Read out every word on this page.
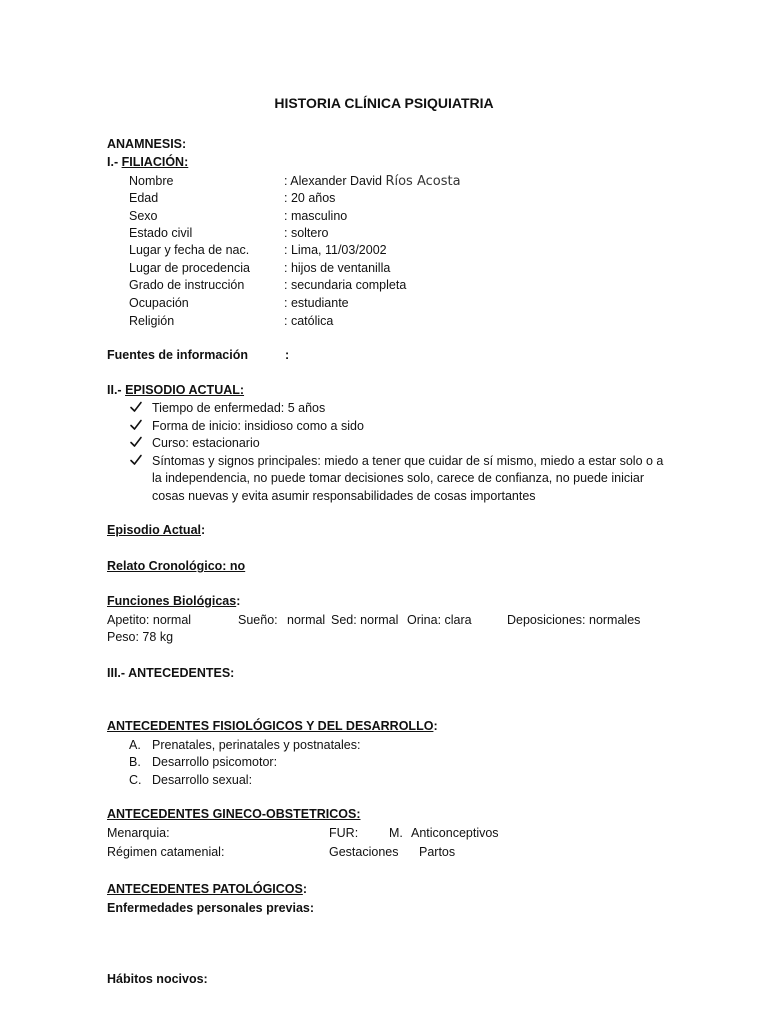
HISTORIA CLÍNICA PSIQUIATRIA
ANAMNESIS:
I.- FILIACIÓN:
Nombre	: Alexander David Ríos Acosta
Edad	: 20 años
Sexo	: masculino
Estado civil	: soltero
Lugar y fecha de nac.	: Lima, 11/03/2002
Lugar de procedencia	: hijos de ventanilla
Grado de instrucción	: secundaria completa
Ocupación	: estudiante
Religión	: católica
Fuentes de información	:
II.- EPISODIO ACTUAL:
Tiempo de enfermedad: 5 años
Forma de inicio: insidioso como a sido
Curso: estacionario
Síntomas y signos principales: miedo a tener que cuidar de sí mismo, miedo a estar solo o a
la independencia, no puede tomar decisiones solo, carece de confianza, no puede iniciar
cosas nuevas y evita asumir responsabilidades de cosas importantes
Episodio Actual:
Relato Cronológico: no
Funciones Biológicas:
Apetito: normal	Sueño: normal Sed: normal Orina: clara	Deposiciones: normales
Peso: 78 kg
III.- ANTECEDENTES:
ANTECEDENTES FISIOLÓGICOS Y DEL DESARROLLO:
A. Prenatales, perinatales y postnatales:
B. Desarrollo psicomotor:
C. Desarrollo sexual:
ANTECEDENTES GINECO-OBSTETRICOS:
Menarquia:	FUR: M. Anticonceptivos
Régimen catamenial:	Gestaciones Partos
ANTECEDENTES PATOLÓGICOS:
Enfermedades personales previas:
Hábitos nocivos:
